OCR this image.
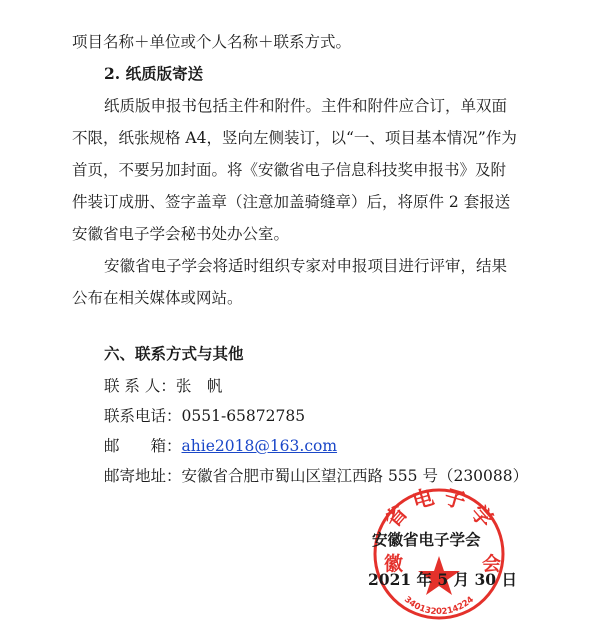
项目名称＋单位或个人名称＋联系方式。
2. 纸质版寄送
纸质版申报书包括主件和附件。主件和附件应合订，单双面
不限，纸张规格 A4，竖向左侧装订，以“一、项目基本情况”作为
首页，不要另加封面。将《安徽省电子信息科技奖申报书》及附
件装订成册、签字盖章（注意加盖骑缝章）后，将原件 2 套报送
安徽省电子学会秘书处办公室。
安徽省电子学会将适时组织专家对申报项目进行评审，结果
公布在相关媒体或网站。
六、联系方式与其他
联 系 人：张　帆
联系电话：0551-65872785
邮　　箱：ahie2018@163.com
邮寄地址：安徽省合肥市蜀山区望江西路 555 号（230088）
省 电 子 学
徽	会
3401320214224
安徽省电子学会
2021 年 5 月 30 日
